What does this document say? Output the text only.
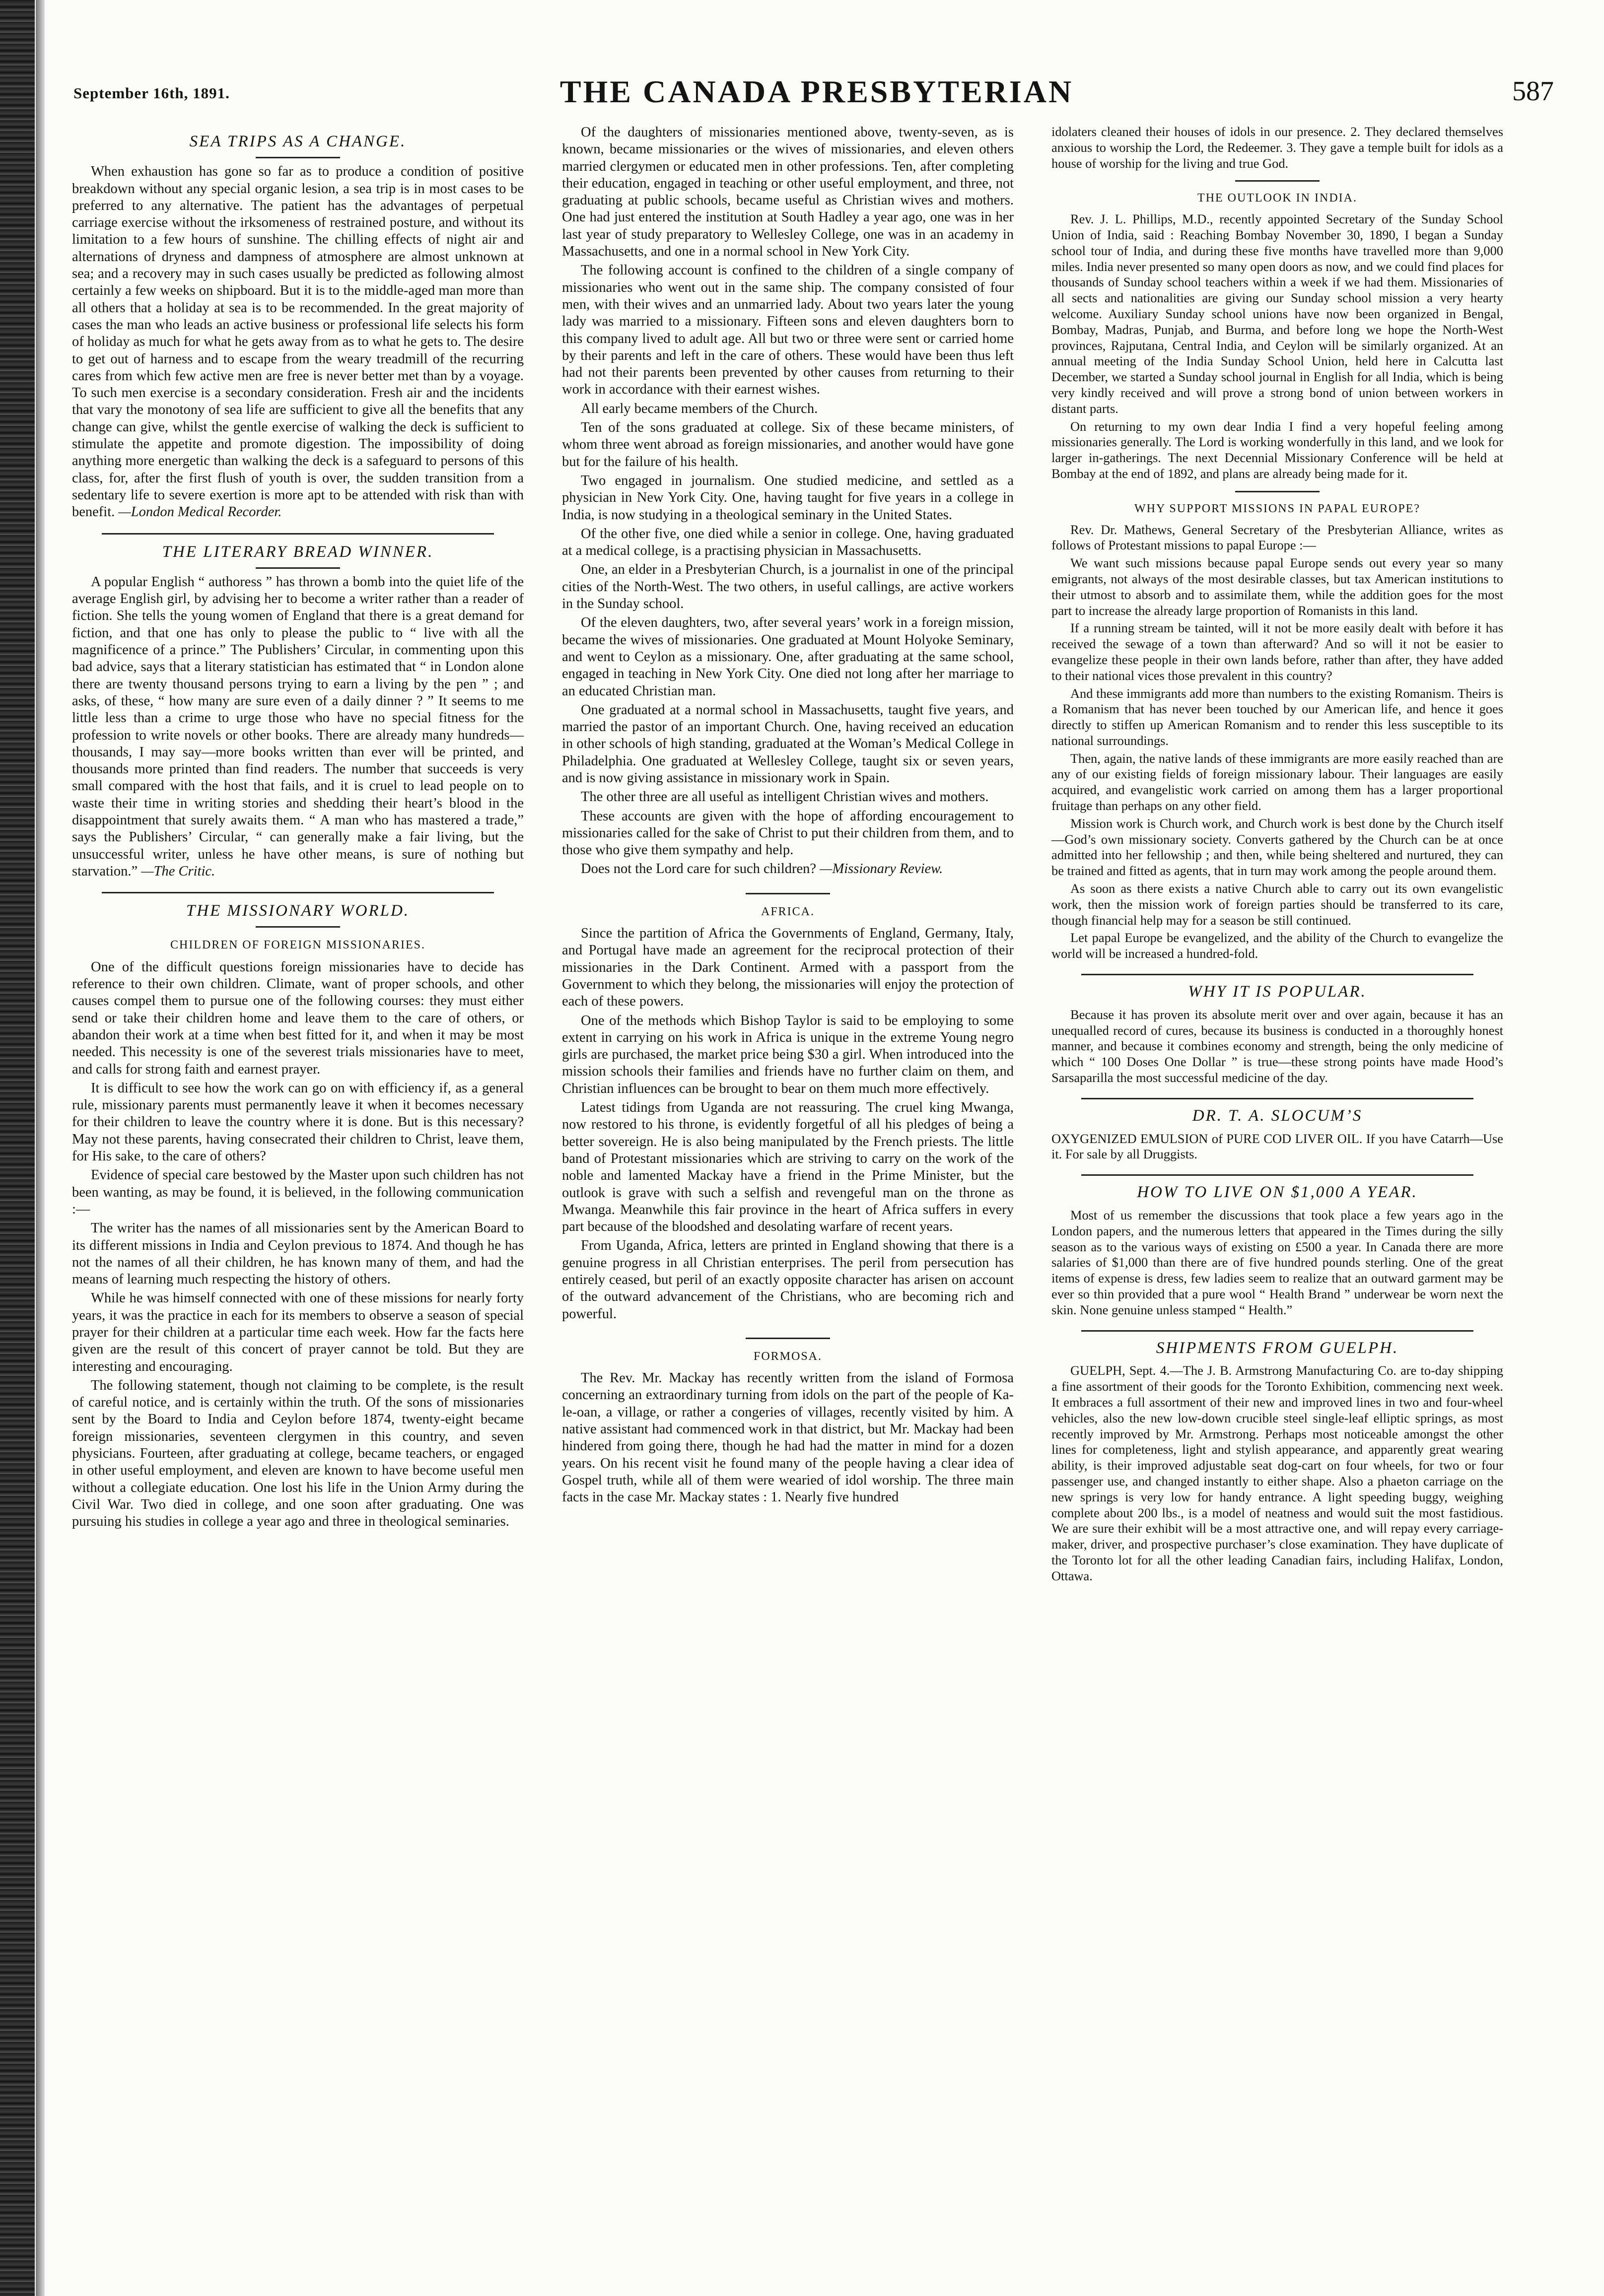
September 16th, 1891.	THE CANADA PRESBYTERIAN	587
SEA TRIPS AS A CHANGE.

When exhaustion has gone so far as to produce a condition of positive breakdown without any special organic lesion, a sea trip is in most cases to be preferred to any alternative. The patient has the advantages of perpetual carriage exercise without the irksomeness of restrained posture, and without its limitation to a few hours of sunshine. The chilling effects of night air and alternations of dryness and dampness of atmosphere are almost unknown at sea; and a recovery may in such cases usually be predicted as following almost certainly a few weeks on shipboard. But it is to the middle-aged man more than all others that a holiday at sea is to be recommended. In the great majority of cases the man who leads an active business or professional life selects his form of holiday as much for what he gets away from as to what he gets to. The desire to get out of harness and to escape from the weary treadmill of the recurring cares from which few active men are free is never better met than by a voyage. To such men exercise is a secondary consideration. Fresh air and the incidents that vary the monotony of sea life are sufficient to give all the benefits that any change can give, whilst the gentle exercise of walking the deck is sufficient to stimulate the appetite and promote digestion. The impossibility of doing anything more energetic than walking the deck is a safeguard to persons of this class, for, after the first flush of youth is over, the sudden transition from a sedentary life to severe exertion is more apt to be attended with risk than with benefit. —London Medical Recorder.

THE LITERARY BREAD WINNER.

A popular English “ authoress ” has thrown a bomb into the quiet life of the average English girl, by advising her to become a writer rather than a reader of fiction. She tells the young women of England that there is a great demand for fiction, and that one has only to please the public to “ live with all the magnificence of a prince.” The Publishers’ Circular, in commenting upon this bad advice, says that a literary statistician has estimated that “ in London alone there are twenty thousand persons trying to earn a living by the pen ” ; and asks, of these, “ how many are sure even of a daily dinner ? ” It seems to me little less than a crime to urge those who have no special fitness for the profession to write novels or other books. There are already many hundreds—thousands, I may say—more books written than ever will be printed, and thousands more printed than find readers. The number that succeeds is very small compared with the host that fails, and it is cruel to lead people on to waste their time in writing stories and shedding their heart’s blood in the disappointment that surely awaits them. “ A man who has mastered a trade,” says the Publishers’ Circular, “ can generally make a fair living, but the unsuccessful writer, unless he have other means, is sure of nothing but starvation.” —The Critic.

THE MISSIONARY WORLD.
CHILDREN OF FOREIGN MISSIONARIES.

One of the difficult questions foreign missionaries have to decide has reference to their own children. Climate, want of proper schools, and other causes compel them to pursue one of the following courses: they must either send or take their children home and leave them to the care of others, or abandon their work at a time when best fitted for it, and when it may be most needed. This necessity is one of the severest trials missionaries have to meet, and calls for strong faith and earnest prayer.

It is difficult to see how the work can go on with efficiency if, as a general rule, missionary parents must permanently leave it when it becomes necessary for their children to leave the country where it is done. But is this necessary? May not these parents, having consecrated their children to Christ, leave them, for His sake, to the care of others?

Evidence of special care bestowed by the Master upon such children has not been wanting, as may be found, it is believed, in the following communication :—

The writer has the names of all missionaries sent by the American Board to its different missions in India and Ceylon previous to 1874. And though he has not the names of all their children, he has known many of them, and had the means of learning much respecting the history of others.

While he was himself connected with one of these missions for nearly forty years, it was the practice in each for its members to observe a season of special prayer for their children at a particular time each week. How far the facts here given are the result of this concert of prayer cannot be told. But they are interesting and encouraging.

The following statement, though not claiming to be complete, is the result of careful notice, and is certainly within the truth. Of the sons of missionaries sent by the Board to India and Ceylon before 1874, twenty-eight became foreign missionaries, seventeen clergymen in this country, and seven physicians. Fourteen, after graduating at college, became teachers, or engaged in other useful employment, and eleven are known to have become useful men without a collegiate education. One lost his life in the Union Army during the Civil War. Two died in college, and one soon after graduating. One was pursuing his studies in college a year ago and three in theological seminaries.

Of the daughters of missionaries mentioned above, twenty-seven, as is known, became missionaries or the wives of missionaries, and eleven others married clergymen or educated men in other professions. Ten, after completing their education, engaged in teaching or other useful employment, and three, not graduating at public schools, became useful as Christian wives and mothers. One had just entered the institution at South Hadley a year ago, one was in her last year of study preparatory to Wellesley College, one was in an academy in Massachusetts, and one in a normal school in New York City.

The following account is confined to the children of a single company of missionaries who went out in the same ship. The company consisted of four men, with their wives and an unmarried lady. About two years later the young lady was married to a missionary. Fifteen sons and eleven daughters born to this company lived to adult age. All but two or three were sent or carried home by their parents and left in the care of others. These would have been thus left had not their parents been prevented by other causes from returning to their work in accordance with their earnest wishes.

All early became members of the Church.

Ten of the sons graduated at college. Six of these became ministers, of whom three went abroad as foreign missionaries, and another would have gone but for the failure of his health.

Two engaged in journalism. One studied medicine, and settled as a physician in New York City. One, having taught for five years in a college in India, is now studying in a theological seminary in the United States.

Of the other five, one died while a senior in college. One, having graduated at a medical college, is a practising physician in Massachusetts.

One, an elder in a Presbyterian Church, is a journalist in one of the principal cities of the North-West. The two others, in useful callings, are active workers in the Sunday school.

Of the eleven daughters, two, after several years’ work in a foreign mission, became the wives of missionaries. One graduated at Mount Holyoke Seminary, and went to Ceylon as a missionary. One, after graduating at the same school, engaged in teaching in New York City. One died not long after her marriage to an educated Christian man.

One graduated at a normal school in Massachusetts, taught five years, and married the pastor of an important Church. One, having received an education in other schools of high standing, graduated at the Woman’s Medical College in Philadelphia. One graduated at Wellesley College, taught six or seven years, and is now giving assistance in missionary work in Spain.

The other three are all useful as intelligent Christian wives and mothers.

These accounts are given with the hope of affording encouragement to missionaries called for the sake of Christ to put their children from them, and to those who give them sympathy and help.

Does not the Lord care for such children? —Missionary Review.

AFRICA.

Since the partition of Africa the Governments of England, Germany, Italy, and Portugal have made an agreement for the reciprocal protection of their missionaries in the Dark Continent. Armed with a passport from the Government to which they belong, the missionaries will enjoy the protection of each of these powers.

One of the methods which Bishop Taylor is said to be employing to some extent in carrying on his work in Africa is unique in the extreme Young negro girls are purchased, the market price being $30 a girl. When introduced into the mission schools their families and friends have no further claim on them, and Christian influences can be brought to bear on them much more effectively.

Latest tidings from Uganda are not reassuring. The cruel king Mwanga, now restored to his throne, is evidently forgetful of all his pledges of being a better sovereign. He is also being manipulated by the French priests. The little band of Protestant missionaries which are striving to carry on the work of the noble and lamented Mackay have a friend in the Prime Minister, but the outlook is grave with such a selfish and revengeful man on the throne as Mwanga. Meanwhile this fair province in the heart of Africa suffers in every part because of the bloodshed and desolating warfare of recent years.

From Uganda, Africa, letters are printed in England showing that there is a genuine progress in all Christian enterprises. The peril from persecution has entirely ceased, but peril of an exactly opposite character has arisen on account of the outward advancement of the Christians, who are becoming rich and powerful.

FORMOSA.

The Rev. Mr. Mackay has recently written from the island of Formosa concerning an extraordinary turning from idols on the part of the people of Ka-le-oan, a village, or rather a congeries of villages, recently visited by him. A native assistant had commenced work in that district, but Mr. Mackay had been hindered from going there, though he had had the matter in mind for a dozen years. On his recent visit he found many of the people having a clear idea of Gospel truth, while all of them were wearied of idol worship. The three main facts in the case Mr. Mackay states : 1. Nearly five hundred

idolaters cleaned their houses of idols in our presence. 2. They declared themselves anxious to worship the Lord, the Redeemer. 3. They gave a temple built for idols as a house of worship for the living and true God.

THE OUTLOOK IN INDIA.

Rev. J. L. Phillips, M.D., recently appointed Secretary of the Sunday School Union of India, said : Reaching Bombay November 30, 1890, I began a Sunday school tour of India, and during these five months have travelled more than 9,000 miles. India never presented so many open doors as now, and we could find places for thousands of Sunday school teachers within a week if we had them. Missionaries of all sects and nationalities are giving our Sunday school mission a very hearty welcome. Auxiliary Sunday school unions have now been organized in Bengal, Bombay, Madras, Punjab, and Burma, and before long we hope the North-West provinces, Rajputana, Central India, and Ceylon will be similarly organized. At an annual meeting of the India Sunday School Union, held here in Calcutta last December, we started a Sunday school journal in English for all India, which is being very kindly received and will prove a strong bond of union between workers in distant parts.

On returning to my own dear India I find a very hopeful feeling among missionaries generally. The Lord is working wonderfully in this land, and we look for larger in-gatherings. The next Decennial Missionary Conference will be held at Bombay at the end of 1892, and plans are already being made for it.

WHY SUPPORT MISSIONS IN PAPAL EUROPE?

Rev. Dr. Mathews, General Secretary of the Presbyterian Alliance, writes as follows of Protestant missions to papal Europe :—

We want such missions because papal Europe sends out every year so many emigrants, not always of the most desirable classes, but tax American institutions to their utmost to absorb and to assimilate them, while the addition goes for the most part to increase the already large proportion of Romanists in this land.

If a running stream be tainted, will it not be more easily dealt with before it has received the sewage of a town than afterward? And so will it not be easier to evangelize these people in their own lands before, rather than after, they have added to their national vices those prevalent in this country?

And these immigrants add more than numbers to the existing Romanism. Theirs is a Romanism that has never been touched by our American life, and hence it goes directly to stiffen up American Romanism and to render this less susceptible to its national surroundings.

Then, again, the native lands of these immigrants are more easily reached than are any of our existing fields of foreign missionary labour. Their languages are easily acquired, and evangelistic work carried on among them has a larger proportional fruitage than perhaps on any other field.

Mission work is Church work, and Church work is best done by the Church itself—God’s own missionary society. Converts gathered by the Church can be at once admitted into her fellowship ; and then, while being sheltered and nurtured, they can be trained and fitted as agents, that in turn may work among the people around them.

As soon as there exists a native Church able to carry out its own evangelistic work, then the mission work of foreign parties should be transferred to its care, though financial help may for a season be still continued.

Let papal Europe be evangelized, and the ability of the Church to evangelize the world will be increased a hundred-fold.

WHY IT IS POPULAR.

Because it has proven its absolute merit over and over again, because it has an unequalled record of cures, because its business is conducted in a thoroughly honest manner, and because it combines economy and strength, being the only medicine of which “ 100 Doses One Dollar ” is true—these strong points have made Hood’s Sarsaparilla the most successful medicine of the day.

DR. T. A. SLOCUM’S

OXYGENIZED EMULSION of PURE COD LIVER OIL. If you have Catarrh—Use it. For sale by all Druggists.

HOW TO LIVE ON $1,000 A YEAR.

Most of us remember the discussions that took place a few years ago in the London papers, and the numerous letters that appeared in the Times during the silly season as to the various ways of existing on £500 a year. In Canada there are more salaries of $1,000 than there are of five hundred pounds sterling. One of the great items of expense is dress, few ladies seem to realize that an outward garment may be ever so thin provided that a pure wool “ Health Brand ” underwear be worn next the skin. None genuine unless stamped “ Health.”

SHIPMENTS FROM GUELPH.

GUELPH, Sept. 4.—The J. B. Armstrong Manufacturing Co. are to-day shipping a fine assortment of their goods for the Toronto Exhibition, commencing next week. It embraces a full assortment of their new and improved lines in two and four-wheel vehicles, also the new low-down crucible steel single-leaf elliptic springs, as most recently improved by Mr. Armstrong. Perhaps most noticeable amongst the other lines for completeness, light and stylish appearance, and apparently great wearing ability, is their improved adjustable seat dog-cart on four wheels, for two or four passenger use, and changed instantly to either shape. Also a phaeton carriage on the new springs is very low for handy entrance. A light speeding buggy, weighing complete about 200 lbs., is a model of neatness and would suit the most fastidious. We are sure their exhibit will be a most attractive one, and will repay every carriage-maker, driver, and prospective purchaser’s close examination. They have duplicate of the Toronto lot for all the other leading Canadian fairs, including Halifax, London, Ottawa.
